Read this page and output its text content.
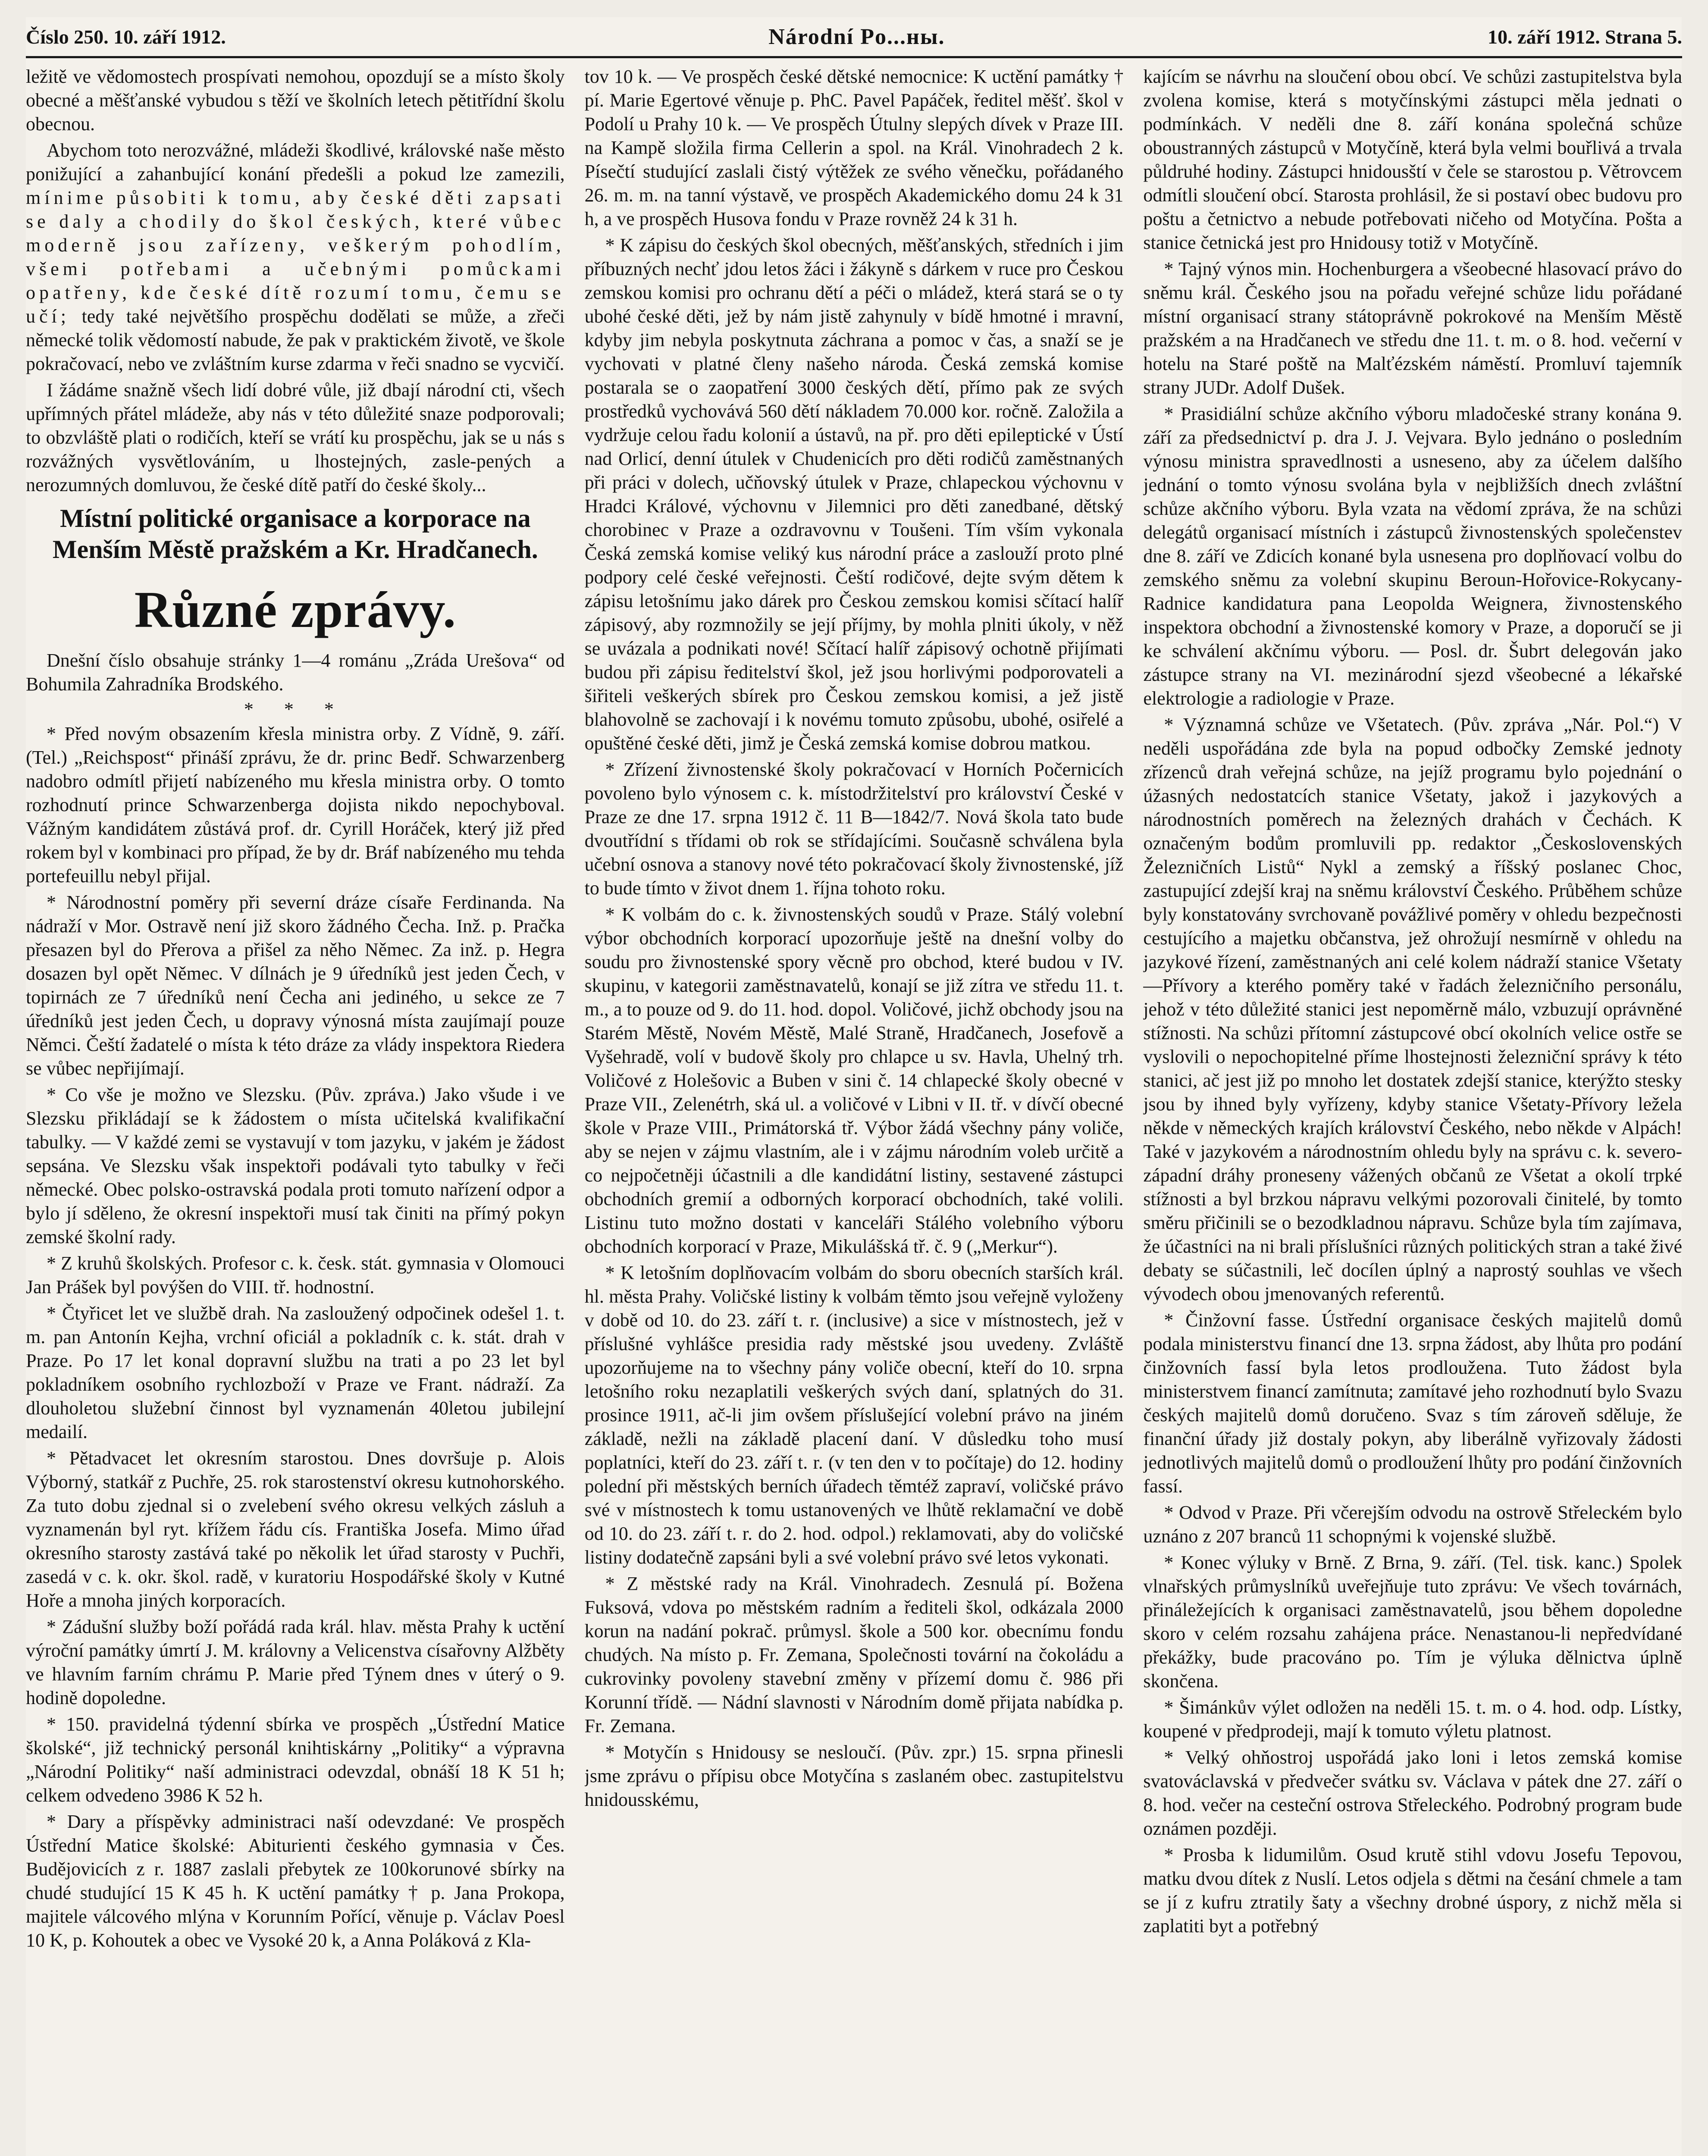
Číslo 250. 10. září 1912.	Národní Po...ны.	10. září 1912. Strana 5.

ležitě ve vědomostech prospívati nemohou, opozdují se a místo školy obecné a měšťanské vybudou s těží ve školních letech pětitřídní školu obecnou.

Abychom toto nerozvážné, mládeži škodlivé, královské naše město ponižující a zahanbující konání předešli a pokud lze zamezili, mínime působiti k tomu, aby české děti zapsati se daly a chodily do škol českých, které vůbec moderně jsou zařízeny, veškerým pohodlím, všemi potřebami a učebnými pomůckami opatřeny, kde české dítě rozumí tomu, čemu se učí; tedy také největšího prospěchu dodělati se může, a zřeči německé tolik vědomostí nabude, že pak v praktickém životě, ve škole pokračovací, nebo ve zvláštním kurse zdarma v řeči snadno se vycvičí.

I žádáme snažně všech lidí dobré vůle, již dbají národní cti, všech upřímných přátel mládeže, aby nás v této důležité snaze podporovali; to obzvláště plati o rodičích, kteří se vrátí ku prospěchu, jak se u nás s rozvážných vysvětlováním, u lhostejných, zasle-pených a nerozumných domluvou, že české dítě patří do české školy...

Místní politické organisace a korporace na Menším Městě pražském a Kr. Hradčanech.
Různé zprávy.

Dnešní číslo obsahuje stránky 1—4 románu „Zráda Urešova“ od Bohumila Zahradníka Brodského.

* * *

* Před novým obsazením křesla ministra orby. Z Vídně, 9. září. (Tel.) „Reichspost“ přináší zprávu, že dr. princ Bedř. Schwarzenberg nadobro odmítl přijetí nabízeného mu křesla ministra orby. O tomto rozhodnutí prince Schwarzenberga dojista nikdo nepochyboval. Vážným kandidátem zůstává prof. dr. Cyrill Horáček, který již před rokem byl v kombinaci pro případ, že by dr. Bráf nabízeného mu tehda portefeuillu nebyl přijal.

* Národnostní poměry při severní dráze císaře Ferdinanda. Na nádraží v Mor. Ostravě není již skoro žádného Čecha. Inž. p. Pračka přesazen byl do Přerova a přišel za něho Němec. Za inž. p. Hegra dosazen byl opět Němec. V dílnách je 9 úředníků jest jeden Čech, v topirnách ze 7 úředníků není Čecha ani jediného, u sekce ze 7 úředníků jest jeden Čech, u dopravy výnosná místa zaujímají pouze Němci. Čeští žadatelé o místa k této dráze za vlády inspektora Riedera se vůbec nepřijímají.

* Co vše je možno ve Slezsku. (Pův. zpráva.) Jako všude i ve Slezsku přikládají se k žádostem o místa učitelská kvalifikační tabulky. — V každé zemi se vystavují v tom jazyku, v jakém je žádost sepsána. Ve Slezsku však inspektoři podávali tyto tabulky v řeči německé. Obec polsko-ostravská podala proti tomuto nařízení odpor a bylo jí sděleno, že okresní inspektoři musí tak činiti na přímý pokyn zemské školní rady.

* Z kruhů školských. Profesor c. k. česk. stát. gymnasia v Olomouci Jan Prášek byl povýšen do VIII. tř. hodnostní.

* Čtyřicet let ve službě drah. Na zasloužený odpočinek odešel 1. t. m. pan Antonín Kejha, vrchní oficiál a pokladník c. k. stát. drah v Praze. Po 17 let konal dopravní službu na trati a po 23 let byl pokladníkem osobního rychlozboží v Praze ve Frant. nádraží. Za dlouholetou služební činnost byl vyznamenán 40letou jubilejní medailí.

* Pětadvacet let okresním starostou. Dnes dovršuje p. Alois Výborný, statkář z Puchře, 25. rok starostenství okresu kutnohorského. Za tuto dobu zjednal si o zvelebení svého okresu velkých zásluh a vyznamenán byl ryt. křížem řádu cís. Františka Josefa. Mimo úřad okresního starosty zastává také po několik let úřad starosty v Puchři, zasedá v c. k. okr. škol. radě, v kuratoriu Hospodářské školy v Kutné Hoře a mnoha jiných korporacích.

* Zádušní služby boží pořádá rada král. hlav. města Prahy k uctění výroční památky úmrtí J. M. královny a Velicenstva císařovny Alžběty ve hlavním farním chrámu P. Marie před Týnem dnes v úterý o 9. hodině dopoledne.

* 150. pravidelná týdenní sbírka ve prospěch „Ústřední Matice školské“, již technický personál knihtiskárny „Politiky“ a výpravna „Národní Politiky“ naší administraci odevzdal, obnáší 18 K 51 h; celkem odvedeno 3986 K 52 h.

* Dary a příspěvky administraci naší odevzdané: Ve prospěch Ústřední Matice školské: Abiturienti českého gymnasia v Čes. Budějovicích z r. 1887 zaslali přebytek ze 100korunové sbírky na chudé studující 15 K 45 h. K uctění památky † p. Jana Prokopa, majitele válcového mlýna v Korunním Pořící, věnuje p. Václav Poesl 10 K, p. Kohoutek a obec ve Vysoké 20 k, a Anna Poláková z Kla-

tov 10 k. — Ve prospěch české dětské nemocnice: K uctění památky † pí. Marie Egertové věnuje p. PhC. Pavel Papáček, ředitel měšť. škol v Podolí u Prahy 10 k. — Ve prospěch Útulny slepých dívek v Praze III. na Kampě složila firma Cellerin a spol. na Král. Vinohradech 2 k. Písečtí studující zaslali čistý výtěžek ze svého věnečku, pořádaného 26. m. m. na tanní výstavě, ve prospěch Akademického domu 24 k 31 h, a ve prospěch Husova fondu v Praze rovněž 24 k 31 h.

* K zápisu do českých škol obecných, měšťanských, středních i jim příbuzných nechť jdou letos žáci i žákyně s dárkem v ruce pro Českou zemskou komisi pro ochranu dětí a péči o mládež, která stará se o ty ubohé české děti, jež by nám jistě zahynuly v bídě hmotné i mravní, kdyby jim nebyla poskytnuta záchrana a pomoc v čas, a snaží se je vychovati v platné členy našeho národa. Česká zemská komise postarala se o zaopatření 3000 českých dětí, přímo pak ze svých prostředků vychovává 560 dětí nákladem 70.000 kor. ročně. Založila a vydržuje celou řadu kolonií a ústavů, na př. pro děti epileptické v Ústí nad Orlicí, denní útulek v Chudenicích pro děti rodičů zaměstnaných při práci v dolech, učňovský útulek v Praze, chlapeckou výchovnu v Hradci Králové, výchovnu v Jilemnici pro děti zanedbané, dětský chorobinec v Praze a ozdravovnu v Toušeni. Tím vším vykonala Česká zemská komise veliký kus národní práce a zaslouží proto plné podpory celé české veřejnosti. Čeští rodičové, dejte svým dětem k zápisu letošnímu jako dárek pro Českou zemskou komisi sčítací halíř zápisový, aby rozmnožily se její příjmy, by mohla plniti úkoly, v něž se uvázala a podnikati nové! Sčítací halíř zápisový ochotně přijímati budou při zápisu ředitelství škol, jež jsou horlivými podporovateli a šiřiteli veškerých sbírek pro Českou zemskou komisi, a jež jistě blahovolně se zachovají i k novému tomuto způsobu, ubohé, osiřelé a opuštěné české děti, jimž je Česká zemská komise dobrou matkou.

* Zřízení živnostenské školy pokračovací v Horních Počernicích povoleno bylo výnosem c. k. místodržitelství pro království České v Praze ze dne 17. srpna 1912 č. 11 B—1842/7. Nová škola tato bude dvoutřídní s třídami ob rok se střídajícími. Současně schválena byla učební osnova a stanovy nové této pokračovací školy živnostenské, jíž to bude tímto v život dnem 1. října tohoto roku.

* K volbám do c. k. živnostenských soudů v Praze. Stálý volební výbor obchodních korporací upozorňuje ještě na dnešní volby do soudu pro živnostenské spory věcně pro obchod, které budou v IV. skupinu, v kategorii zaměstnavatelů, konají se již zítra ve středu 11. t. m., a to pouze od 9. do 11. hod. dopol. Voličové, jichž obchody jsou na Starém Městě, Novém Městě, Malé Straně, Hradčanech, Josefově a Vyšehradě, volí v budově školy pro chlapce u sv. Havla, Uhelný trh. Voličové z Holešovic a Buben v sini č. 14 chlapecké školy obecné v Praze VII., Zelenétrh, ská ul. a voličové v Libni v II. tř. v dívčí obecné škole v Praze VIII., Primátorská tř. Výbor žádá všechny pány voliče, aby se nejen v zájmu vlastním, ale i v zájmu národním voleb určitě a co nejpočetněji účastnili a dle kandidátní listiny, sestavené zástupci obchodních gremií a odborných korporací obchodních, také volili. Listinu tuto možno dostati v kanceláři Stálého volebního výboru obchodních korporací v Praze, Mikulášská tř. č. 9 („Merkur“).

* K letošním doplňovacím volbám do sboru obecních starších král. hl. města Prahy. Voličské listiny k volbám těmto jsou veřejně vyloženy v době od 10. do 23. září t. r. (inclusive) a sice v místnostech, jež v příslušné vyhlášce presidia rady městské jsou uvedeny. Zvláště upozorňujeme na to všechny pány voliče obecní, kteří do 10. srpna letošního roku nezaplatili veškerých svých daní, splatných do 31. prosince 1911, ač-li jim ovšem příslušející volební právo na jiném základě, nežli na základě placení daní. V důsledku toho musí poplatníci, kteří do 23. září t. r. (v ten den v to počítaje) do 12. hodiny polední při městských berních úřadech těmtéž zapraví, voličské právo své v místnostech k tomu ustanovených ve lhůtě reklamační ve době od 10. do 23. září t. r. do 2. hod. odpol.) reklamovati, aby do voličské listiny dodatečně zapsáni byli a své volební právo své letos vykonati.

* Z městské rady na Král. Vinohradech. Zesnulá pí. Božena Fuksová, vdova po městském radním a řediteli škol, odkázala 2000 korun na nadání pokrač. průmysl. škole a 500 kor. obecnímu fondu chudých. Na místo p. Fr. Zemana, Společnosti tovární na čokoládu a cukrovinky povoleny stavební změny v přízemí domu č. 986 při Korunní třídě. — Nádní slavnosti v Národním domě přijata nabídka p. Fr. Zemana.

* Motyčín s Hnidousy se nesloučí. (Pův. zpr.) 15. srpna přinesli jsme zprávu o přípisu obce Motyčína s zaslaném obec. zastupitelstvu hnidousskému,

kajícím se návrhu na sloučení obou obcí. Ve schůzi zastupitelstva byla zvolena komise, která s motyčínskými zástupci měla jednati o podmínkách. V neděli dne 8. září konána společná schůze oboustranných zástupců v Motyčíně, která byla velmi bouřlivá a trvala půldruhé hodiny. Zástupci hnidousští v čele se starostou p. Větrovcem odmítli sloučení obcí. Starosta prohlásil, že si postaví obec budovu pro poštu a četnictvo a nebude potřebovati ničeho od Motyčína. Pošta a stanice četnická jest pro Hnidousy totiž v Motyčíně.

* Tajný výnos min. Hochenburgera a všeobecné hlasovací právo do sněmu král. Českého jsou na pořadu veřejné schůze lidu pořádané místní organisací strany státoprávně pokrokové na Menším Městě pražském a na Hradčanech ve středu dne 11. t. m. o 8. hod. večerní v hotelu na Staré poště na Malťézském náměstí. Promluví tajemník strany JUDr. Adolf Dušek.

* Prasidiální schůze akčního výboru mladočeské strany konána 9. září za předsednictví p. dra J. J. Vejvara. Bylo jednáno o posledním výnosu ministra spravedlnosti a usneseno, aby za účelem dalšího jednání o tomto výnosu svolána byla v nejbližších dnech zvláštní schůze akčního výboru. Byla vzata na vědomí zpráva, že na schůzi delegátů organisací místních i zástupců živnostenských společenstev dne 8. září ve Zdicích konané byla usnesena pro doplňovací volbu do zemského sněmu za volební skupinu Beroun-Hořovice-Rokycany-Radnice kandidatura pana Leopolda Weignera, živnostenského inspektora obchodní a živnostenské komory v Praze, a doporučí se ji ke schválení akčnímu výboru. — Posl. dr. Šubrt delegován jako zástupce strany na VI. mezinárodní sjezd všeobecné a lékařské elektrologie a radiologie v Praze.

* Významná schůze ve Všetatech. (Pův. zpráva „Nár. Pol.“) V neděli uspořádána zde byla na popud odbočky Zemské jednoty zřízenců drah veřejná schůze, na jejíž programu bylo pojednání o úžasných nedostatcích stanice Všetaty, jakož i jazykových a národnostních poměrech na železných drahách v Čechách. K označeným bodům promluvili pp. redaktor „Československých Železničních Listů“ Nykl a zemský a říšský poslanec Choc, zastupující zdejší kraj na sněmu království Českého. Průběhem schůze byly konstatovány svrchovaně povážlivé poměry v ohledu bezpečnosti cestujícího a majetku občanstva, jež ohrožují nesmírně v ohledu na jazykové řízení, zaměstnaných ani celé kolem nádraží stanice Všetaty—Přívory a kterého poměry také v řadách železničního personálu, jehož v této důležité stanici jest nepoměrně málo, vzbuzují oprávněné stížnosti. Na schůzi přítomní zástupcové obcí okolních velice ostře se vyslovili o nepochopitelné příme lhostejnosti železniční správy k této stanici, ač jest již po mnoho let dostatek zdejší stanice, kterýžto stesky jsou by ihned byly vyřízeny, kdyby stanice Všetaty-Přívory ležela někde v německých krajích království Českého, nebo někde v Alpách! Také v jazykovém a národnostním ohledu byly na správu c. k. severo-západní dráhy proneseny vážených občanů ze Všetat a okolí trpké stížnosti a byl brzkou nápravu velkými pozorovali činitelé, by tomto směru přičinili se o bezodkladnou nápravu. Schůze byla tím zajímava, že účastníci na ni brali příslušníci různých politických stran a také živé debaty se súčastnili, leč docílen úplný a naprostý souhlas ve všech vývodech obou jmenovaných referentů.

* Činžovní fasse. Ústřední organisace českých majitelů domů podala ministerstvu financí dne 13. srpna žádost, aby lhůta pro podání činžovních fassí byla letos prodloužena. Tuto žádost byla ministerstvem financí zamítnuta; zamítavé jeho rozhodnutí bylo Svazu českých majitelů domů doručeno. Svaz s tím zároveň sděluje, že finanční úřady již dostaly pokyn, aby liberálně vyřizovaly žádosti jednotlivých majitelů domů o prodloužení lhůty pro podání činžovních fassí.

* Odvod v Praze. Při včerejším odvodu na ostrově Střeleckém bylo uznáno z 207 branců 11 schopnými k vojenské službě.

* Konec výluky v Brně. Z Brna, 9. září. (Tel. tisk. kanc.) Spolek vlnařských průmyslníků uveřejňuje tuto zprávu: Ve všech továrnách, přináležejících k organisaci zaměstnavatelů, jsou během dopoledne skoro v celém rozsahu zahájena práce. Nenastanou-li nepředvídané překážky, bude pracováno po. Tím je výluka dělnictva úplně skončena.

* Šimánkův výlet odložen na neděli 15. t. m. o 4. hod. odp. Lístky, koupené v předprodeji, mají k tomuto výletu platnost.

* Velký ohňostroj uspořádá jako loni i letos zemská komise svatováclavská v předvečer svátku sv. Václava v pátek dne 27. září o 8. hod. večer na cesteční ostrova Střeleckého. Podrobný program bude oznámen později.

* Prosba k lidumilům. Osud krutě stihl vdovu Josefu Tepovou, matku dvou dítek z Nuslí. Letos odjela s dětmi na česání chmele a tam se jí z kufru ztratily šaty a všechny drobné úspory, z nichž měla si zaplatiti byt a potřebný
